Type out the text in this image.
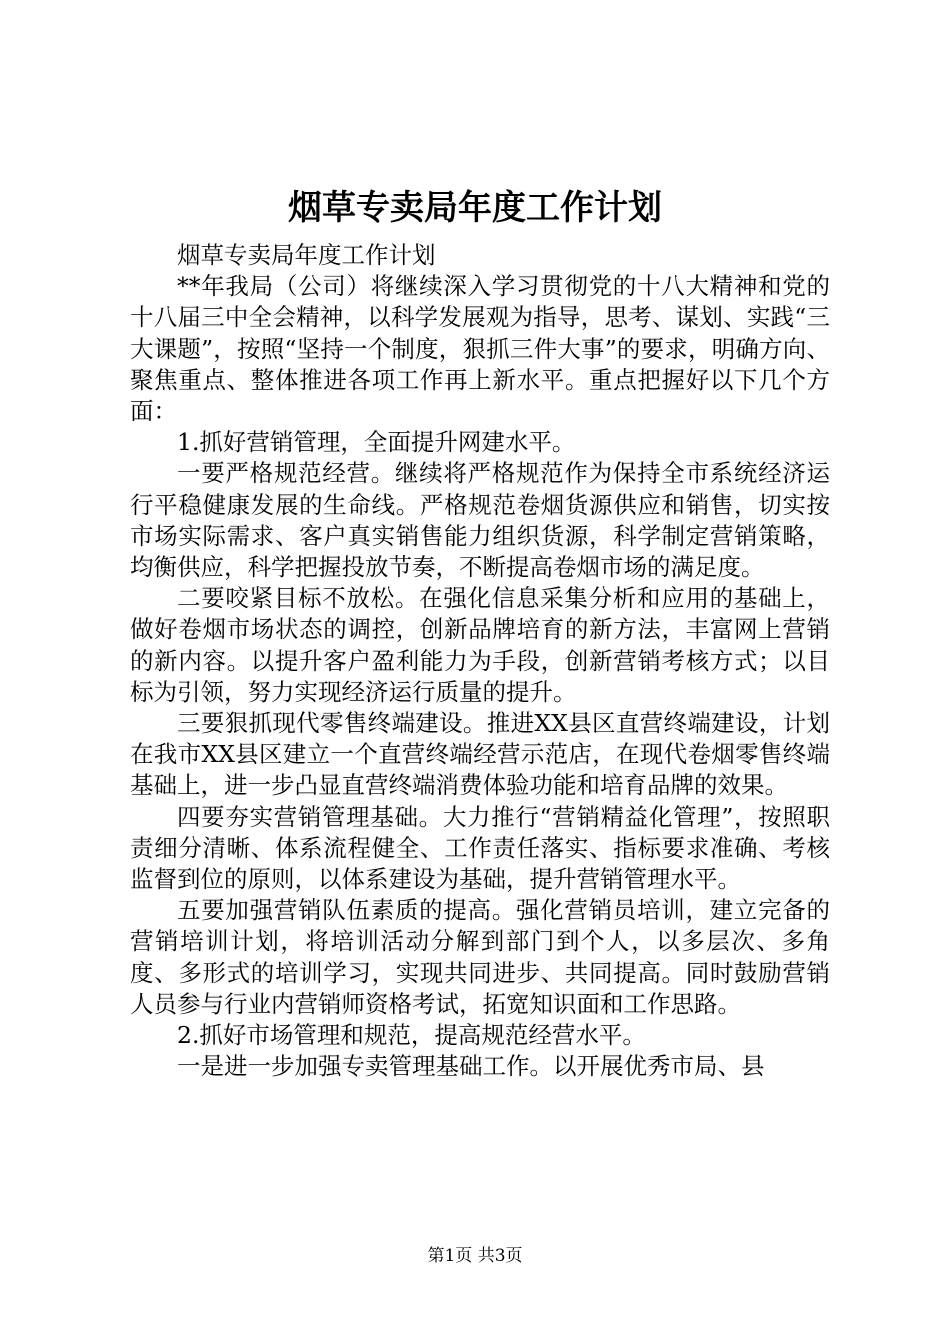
烟草专卖局年度工作计划

烟草专卖局年度工作计划

**年我局（公司）将继续深入学习贯彻党的十八大精神和党的十八届三中全会精神，以科学发展观为指导，思考、谋划、实践“三大课题”，按照“坚持一个制度，狠抓三件大事”的要求，明确方向、聚焦重点、整体推进各项工作再上新水平。重点把握好以下几个方面：

1.抓好营销管理，全面提升网建水平。

一要严格规范经营。继续将严格规范作为保持全市系统经济运行平稳健康发展的生命线。严格规范卷烟货源供应和销售，切实按市场实际需求、客户真实销售能力组织货源，科学制定营销策略，均衡供应，科学把握投放节奏，不断提高卷烟市场的满足度。

二要咬紧目标不放松。在强化信息采集分析和应用的基础上，做好卷烟市场状态的调控，创新品牌培育的新方法，丰富网上营销的新内容。以提升客户盈利能力为手段，创新营销考核方式；以目标为引领，努力实现经济运行质量的提升。

三要狠抓现代零售终端建设。推进XX县区直营终端建设，计划在我市XX县区建立一个直营终端经营示范店，在现代卷烟零售终端基础上，进一步凸显直营终端消费体验功能和培育品牌的效果。

四要夯实营销管理基础。大力推行“营销精益化管理”，按照职责细分清晰、体系流程健全、工作责任落实、指标要求准确、考核监督到位的原则，以体系建设为基础，提升营销管理水平。

五要加强营销队伍素质的提高。强化营销员培训，建立完备的营销培训计划，将培训活动分解到部门到个人，以多层次、多角度、多形式的培训学习，实现共同进步、共同提高。同时鼓励营销人员参与行业内营销师资格考试，拓宽知识面和工作思路。

2.抓好市场管理和规范，提高规范经营水平。

一是进一步加强专卖管理基础工作。以开展优秀市局、县

第1页 共3页
